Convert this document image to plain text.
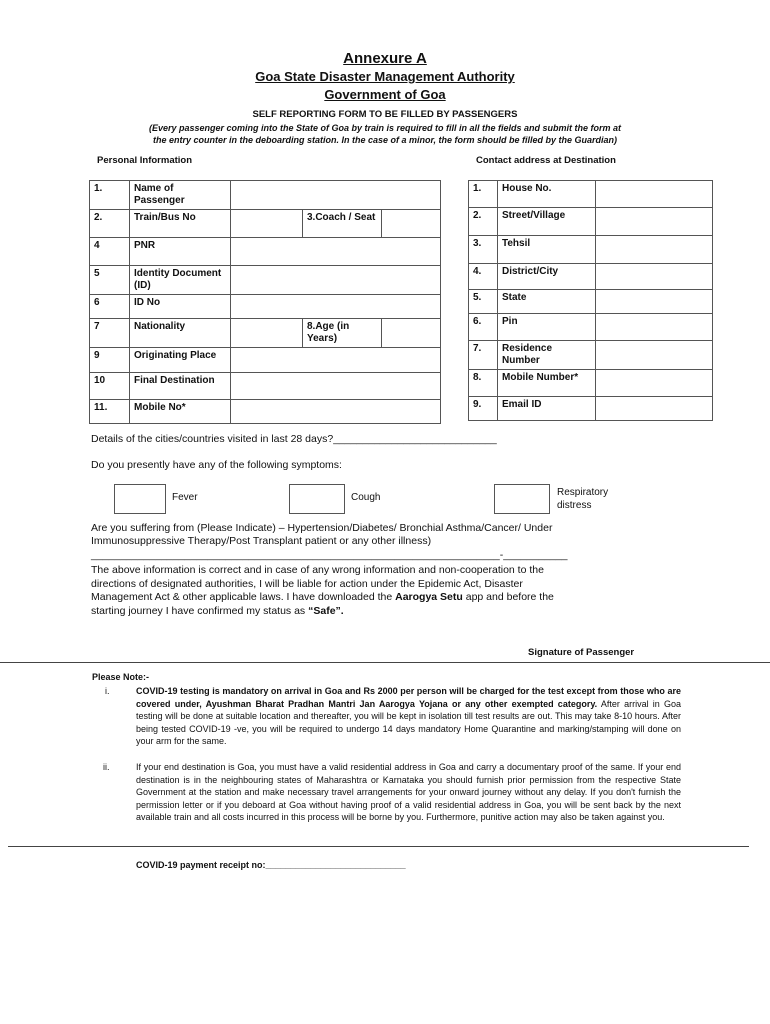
Annexure A
Goa State Disaster Management Authority
Government of Goa
SELF REPORTING FORM TO BE FILLED BY PASSENGERS
(Every passenger coming into the State of Goa by train is required to fill in all the fields and submit the form at
the entry counter in the deboarding station. In the case of a minor, the form should be filled by the Guardian)
Personal Information	Contact address at Destination
1.	Name of Passenger			
2.	Train/Bus No		3.Coach / Seat	
4	PNR			
5	Identity Document (ID)			
6	ID No			
7	Nationality		8.Age (in Years)	
9	Originating Place			
10	Final Destination			
11.	Mobile No*			
1.	House No.	
2.	Street/Village	
3.	Tehsil	
4.	District/City	
5.	State	
6.	Pin	
7.	Residence Number	
8.	Mobile Number*	
9.	Email ID	
Details of the cities/countries visited in last 28 days?____________________________
Do you presently have any of the following symptoms:
Fever	Cough	Respiratory distress
Are you suffering from (Please Indicate) – Hypertension/Diabetes/ Bronchial Asthma/Cancer/ Under
Immunosuppressive Therapy/Post Transplant patient or any other illness)
______________________________________________________________________-___________
The above information is correct and in case of any wrong information and non-cooperation to the
directions of designated authorities, I will be liable for action under the Epidemic Act, Disaster
Management Act & other applicable laws. I have downloaded the Aarogya Setu app and before the
starting journey I have confirmed my status as “Safe”.
Signature of Passenger
Please Note:-
i.	COVID-19 testing is mandatory on arrival in Goa and Rs 2000 per person will be charged for the test except from those who are covered under, Ayushman Bharat Pradhan Mantri Jan Aarogya Yojana or any other exempted category. After arrival in Goa testing will be done at suitable location and thereafter, you will be kept in isolation till test results are out. This may take 8-10 hours. After being tested COVID-19 -ve, you will be required to undergo 14 days mandatory Home Quarantine and marking/stamping will done on your arm for the same.
ii.	If your end destination is Goa, you must have a valid residential address in Goa and carry a documentary proof of the same. If your end destination is in the neighbouring states of Maharashtra or Karnataka you should furnish prior permission from the respective State Government at the station and make necessary travel arrangements for your onward journey without any delay. If you don't furnish the permission letter or if you deboard at Goa without having proof of a valid residential address in Goa, you will be sent back by the next available train and all costs incurred in this process will be borne by you. Furthermore, punitive action may also be taken against you.
COVID-19 payment receipt no:____________________________
